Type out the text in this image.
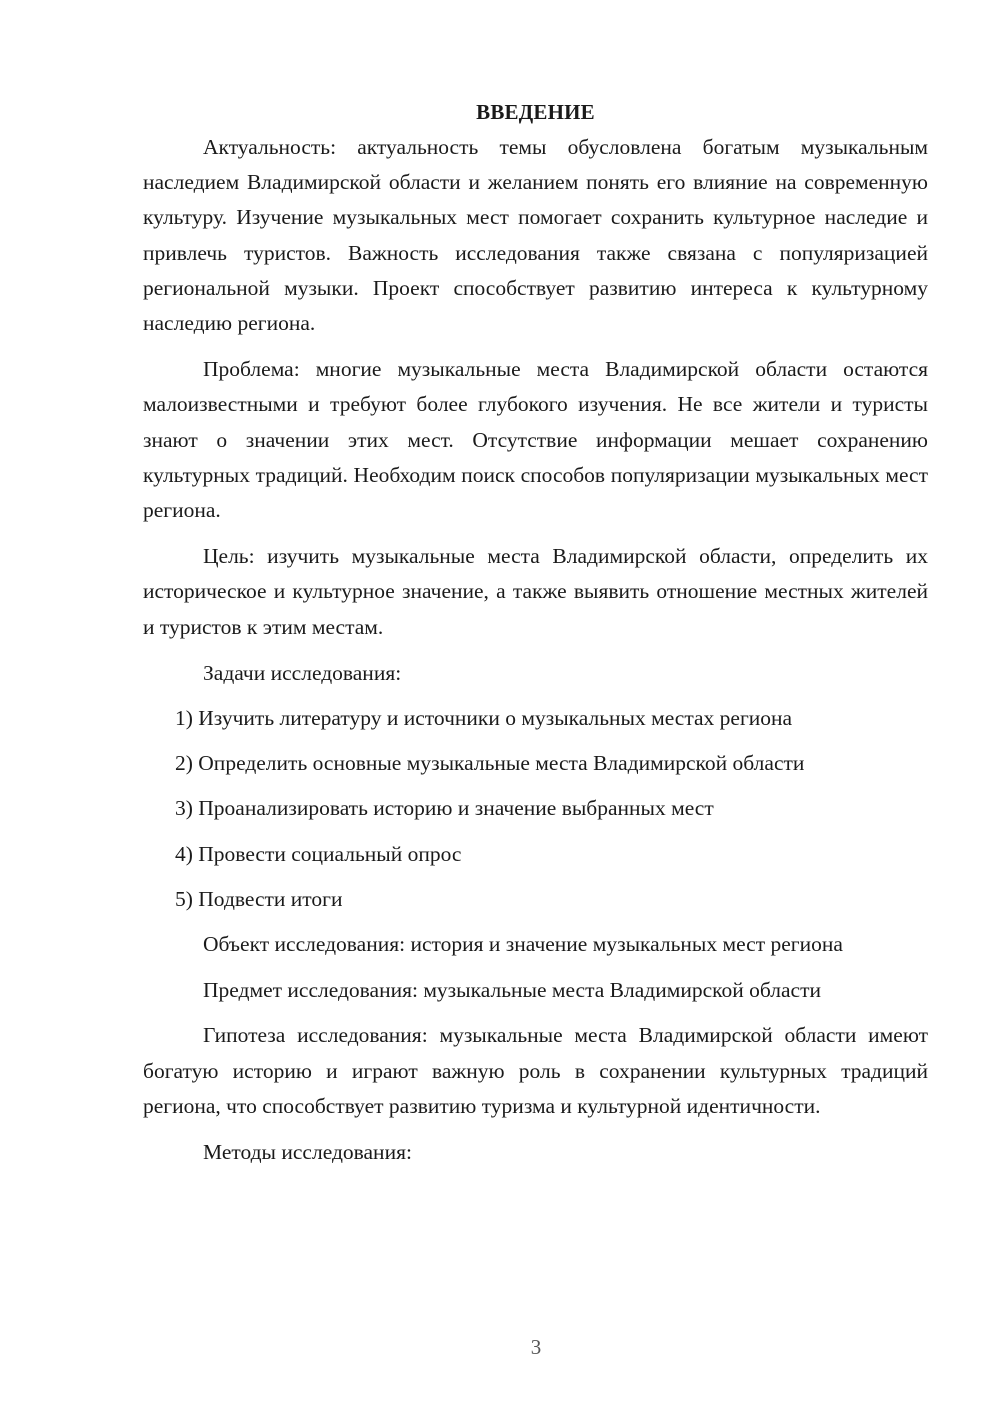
ВВЕДЕНИЕ

Актуальность: актуальность темы обусловлена богатым музыкальным наследием Владимирской области и желанием понять его влияние на современную культуру. Изучение музыкальных мест помогает сохранить культурное наследие и привлечь туристов. Важность исследования также связана с популяризацией региональной музыки. Проект способствует развитию интереса к культурному наследию региона.

Проблема: многие музыкальные места Владимирской области остаются малоизвестными и требуют более глубокого изучения. Не все жители и туристы знают о значении этих мест. Отсутствие информации мешает сохранению культурных традиций. Необходим поиск способов популяризации музыкальных мест региона.

Цель: изучить музыкальные места Владимирской области, определить их историческое и культурное значение, а также выявить отношение местных жителей и туристов к этим местам.

Задачи исследования:

1) Изучить литературу и источники о музыкальных местах региона
2) Определить основные музыкальные места Владимирской области
3) Проанализировать историю и значение выбранных мест
4) Провести социальный опрос
5) Подвести итоги

Объект исследования: история и значение музыкальных мест региона

Предмет исследования: музыкальные места Владимирской области

Гипотеза исследования: музыкальные места Владимирской области имеют богатую историю и играют важную роль в сохранении культурных традиций региона, что способствует развитию туризма и культурной идентичности.

Методы исследования:

3
